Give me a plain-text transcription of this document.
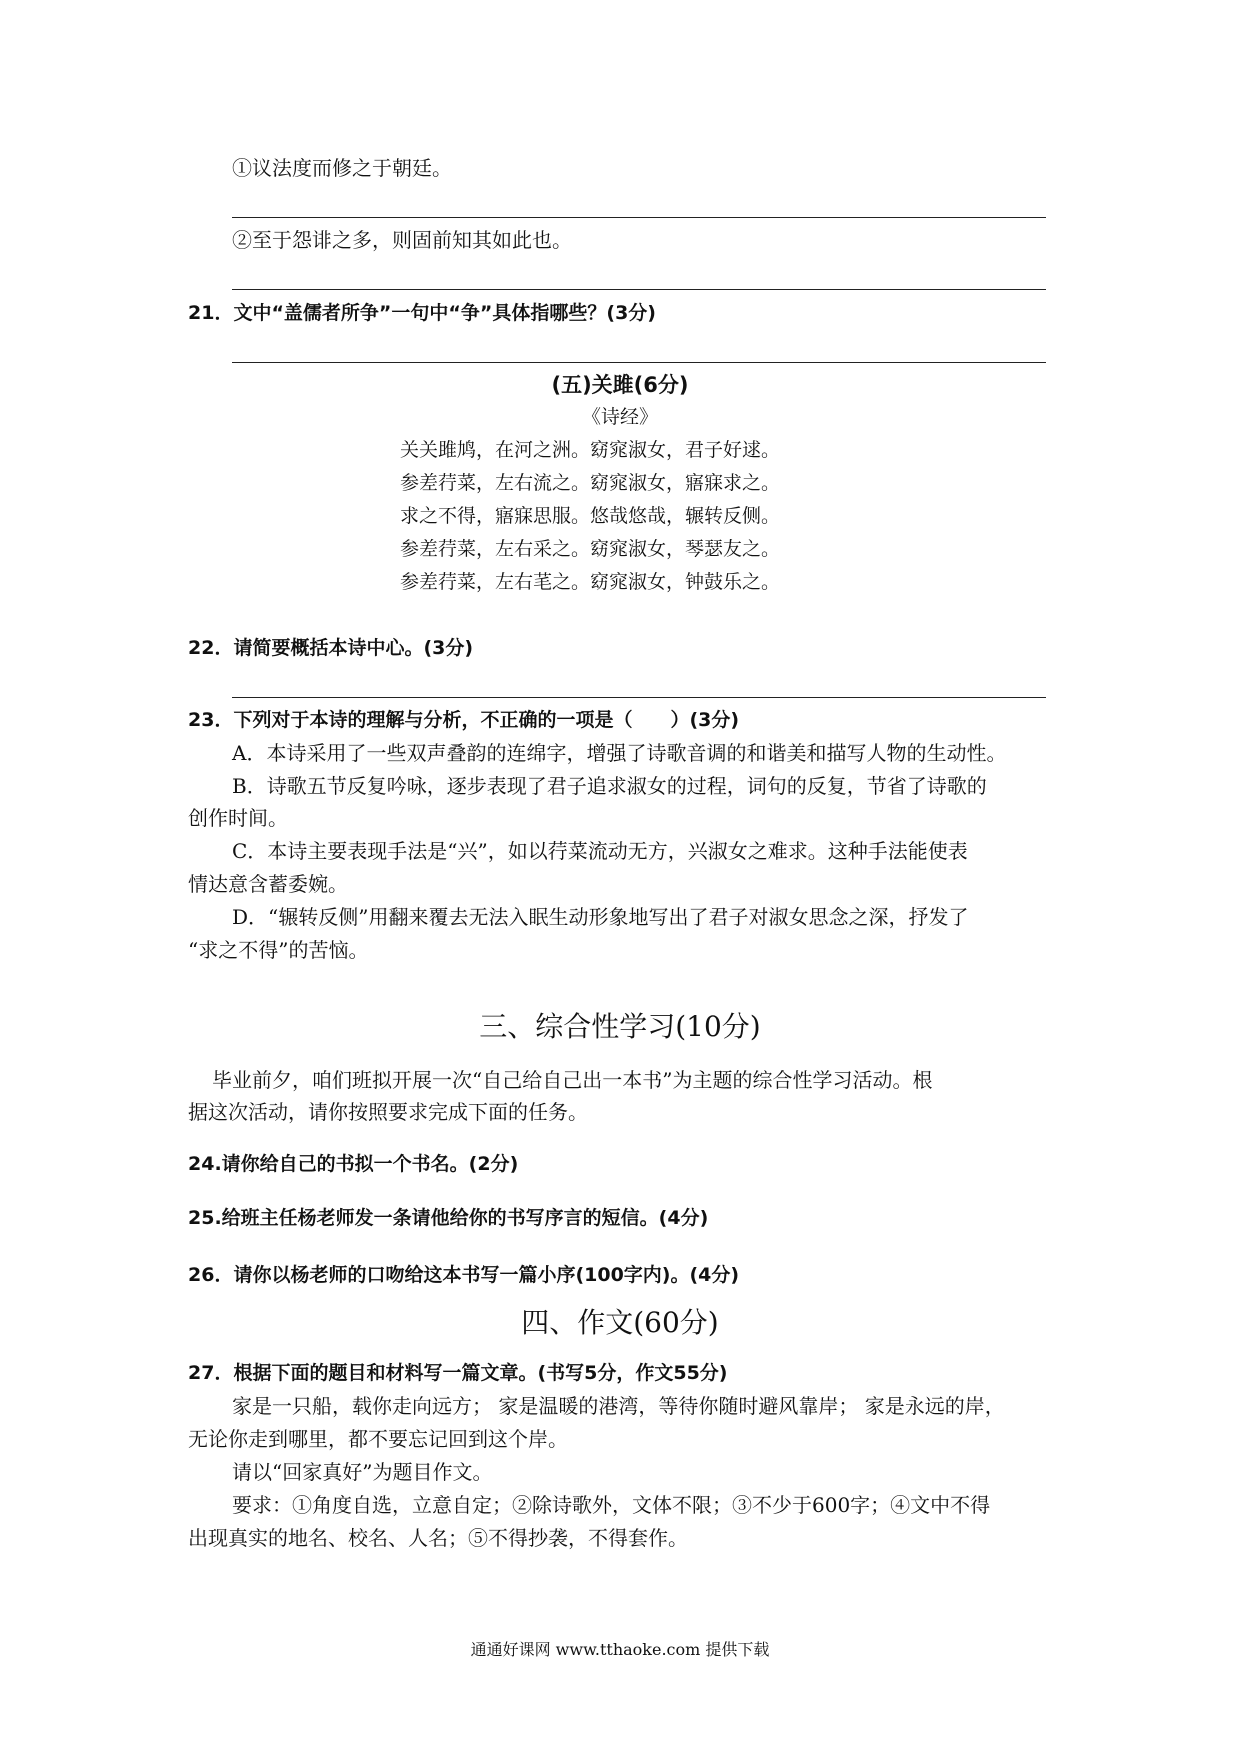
①议法度而修之于朝廷。
②至于怨诽之多，则固前知其如此也。
21．文中“盖儒者所争”一句中“争”具体指哪些？(3分)
(五)关雎(6分)
《诗经》
关关雎鸠，在河之洲。窈窕淑女，君子好逑。
参差荇菜，左右流之。窈窕淑女，寤寐求之。
求之不得，寤寐思服。悠哉悠哉，辗转反侧。
参差荇菜，左右采之。窈窕淑女，琴瑟友之。
参差荇菜，左右芼之。窈窕淑女，钟鼓乐之。
22．请简要概括本诗中心。(3分)
23．下列对于本诗的理解与分析，不正确的一项是（　　）(3分)
A．本诗采用了一些双声叠韵的连绵字，增强了诗歌音调的和谐美和描写人物的生动性。
B．诗歌五节反复吟咏，逐步表现了君子追求淑女的过程，词句的反复，节省了诗歌的
创作时间。
C．本诗主要表现手法是“兴”，如以荇菜流动无方，兴淑女之难求。这种手法能使表
情达意含蓄委婉。
D．“辗转反侧”用翻来覆去无法入眠生动形象地写出了君子对淑女思念之深，抒发了
“求之不得”的苦恼。
三、综合性学习(10分)
毕业前夕，咱们班拟开展一次“自己给自己出一本书”为主题的综合性学习活动。根
据这次活动，请你按照要求完成下面的任务。
24.请你给自己的书拟一个书名。(2分)
25.给班主任杨老师发一条请他给你的书写序言的短信。(4分)
26．请你以杨老师的口吻给这本书写一篇小序(100字内)。(4分)
四、作文(60分)
27．根据下面的题目和材料写一篇文章。(书写5分，作文55分)
家是一只船，载你走向远方； 家是温暖的港湾，等待你随时避风靠岸； 家是永远的岸，
无论你走到哪里，都不要忘记回到这个岸。
请以“回家真好”为题目作文。
要求：①角度自选，立意自定；②除诗歌外，文体不限；③不少于600字；④文中不得
出现真实的地名、校名、人名；⑤不得抄袭，不得套作。
通通好课网 www.tthaoke.com 提供下载
